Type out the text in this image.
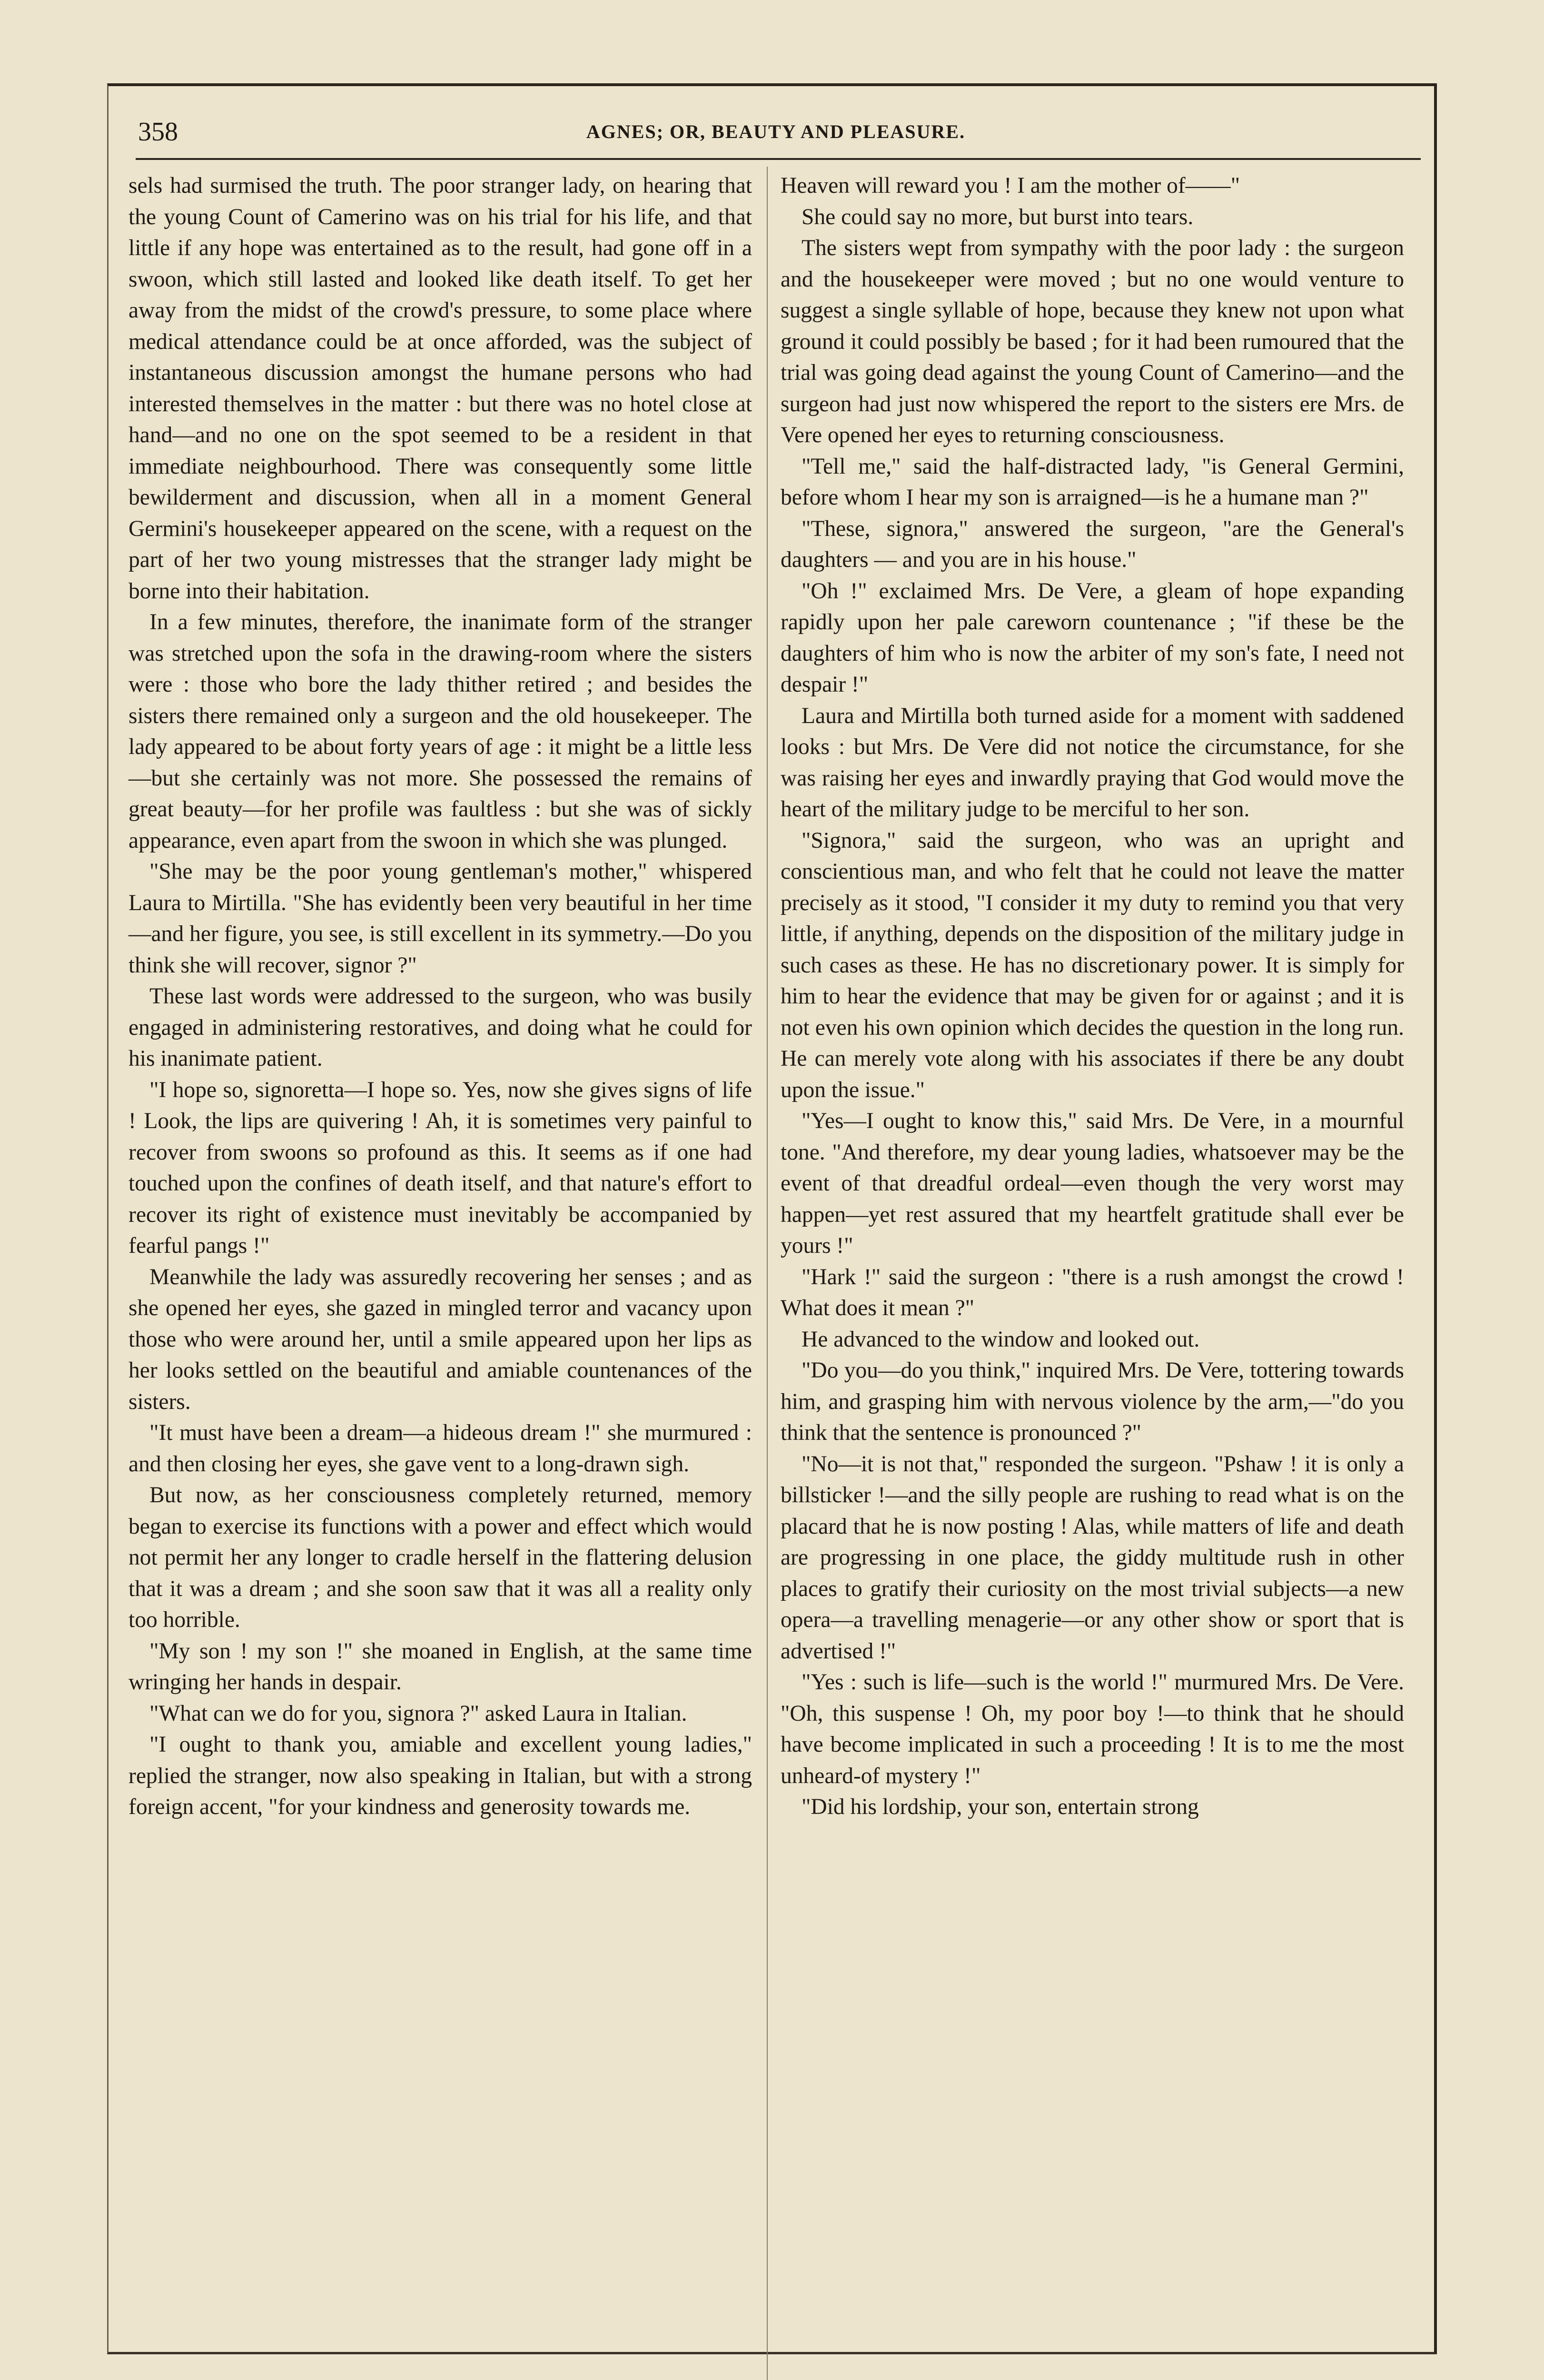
358	AGNES; OR, BEAUTY AND PLEASURE.

sels had surmised the truth. The poor stranger lady, on hearing that the young Count of Camerino was on his trial for his life, and that little if any hope was entertained as to the result, had gone off in a swoon, which still lasted and looked like death itself. To get her away from the midst of the crowd's pressure, to some place where medical attendance could be at once afforded, was the subject of instantaneous discussion amongst the humane persons who had interested themselves in the matter : but there was no hotel close at hand—and no one on the spot seemed to be a resident in that immediate neighbourhood. There was consequently some little bewilderment and discussion, when all in a moment General Germini's housekeeper appeared on the scene, with a request on the part of her two young mistresses that the stranger lady might be borne into their habitation.

In a few minutes, therefore, the inanimate form of the stranger was stretched upon the sofa in the drawing-room where the sisters were : those who bore the lady thither retired ; and besides the sisters there remained only a surgeon and the old housekeeper. The lady appeared to be about forty years of age : it might be a little less—but she certainly was not more. She possessed the remains of great beauty—for her profile was faultless : but she was of sickly appearance, even apart from the swoon in which she was plunged.

"She may be the poor young gentleman's mother," whispered Laura to Mirtilla. "She has evidently been very beautiful in her time—and her figure, you see, is still excellent in its symmetry.—Do you think she will recover, signor ?"

These last words were addressed to the surgeon, who was busily engaged in administering restoratives, and doing what he could for his inanimate patient.

"I hope so, signoretta—I hope so. Yes, now she gives signs of life ! Look, the lips are quivering ! Ah, it is sometimes very painful to recover from swoons so profound as this. It seems as if one had touched upon the confines of death itself, and that nature's effort to recover its right of existence must inevitably be accompanied by fearful pangs !"

Meanwhile the lady was assuredly recovering her senses ; and as she opened her eyes, she gazed in mingled terror and vacancy upon those who were around her, until a smile appeared upon her lips as her looks settled on the beautiful and amiable countenances of the sisters.

"It must have been a dream—a hideous dream !" she murmured : and then closing her eyes, she gave vent to a long-drawn sigh.

But now, as her consciousness completely returned, memory began to exercise its functions with a power and effect which would not permit her any longer to cradle herself in the flattering delusion that it was a dream ; and she soon saw that it was all a reality only too horrible.

"My son ! my son !" she moaned in English, at the same time wringing her hands in despair.

"What can we do for you, signora ?" asked Laura in Italian.

"I ought to thank you, amiable and excellent young ladies," replied the stranger, now also speaking in Italian, but with a strong foreign accent, "for your kindness and generosity towards me.

Heaven will reward you ! I am the mother of——"

She could say no more, but burst into tears.

The sisters wept from sympathy with the poor lady : the surgeon and the housekeeper were moved ; but no one would venture to suggest a single syllable of hope, because they knew not upon what ground it could possibly be based ; for it had been rumoured that the trial was going dead against the young Count of Camerino—and the surgeon had just now whispered the report to the sisters ere Mrs. de Vere opened her eyes to returning consciousness.

"Tell me," said the half-distracted lady, "is General Germini, before whom I hear my son is arraigned—is he a humane man ?"

"These, signora," answered the surgeon, "are the General's daughters — and you are in his house."

"Oh !" exclaimed Mrs. De Vere, a gleam of hope expanding rapidly upon her pale careworn countenance ; "if these be the daughters of him who is now the arbiter of my son's fate, I need not despair !"

Laura and Mirtilla both turned aside for a moment with saddened looks : but Mrs. De Vere did not notice the circumstance, for she was raising her eyes and inwardly praying that God would move the heart of the military judge to be merciful to her son.

"Signora," said the surgeon, who was an upright and conscientious man, and who felt that he could not leave the matter precisely as it stood, "I consider it my duty to remind you that very little, if anything, depends on the disposition of the military judge in such cases as these. He has no discretionary power. It is simply for him to hear the evidence that may be given for or against ; and it is not even his own opinion which decides the question in the long run. He can merely vote along with his associates if there be any doubt upon the issue."

"Yes—I ought to know this," said Mrs. De Vere, in a mournful tone. "And therefore, my dear young ladies, whatsoever may be the event of that dreadful ordeal—even though the very worst may happen—yet rest assured that my heartfelt gratitude shall ever be yours !"

"Hark !" said the surgeon : "there is a rush amongst the crowd ! What does it mean ?"

He advanced to the window and looked out.

"Do you—do you think," inquired Mrs. De Vere, tottering towards him, and grasping him with nervous violence by the arm,—"do you think that the sentence is pronounced ?"

"No—it is not that," responded the surgeon. "Pshaw ! it is only a billsticker !—and the silly people are rushing to read what is on the placard that he is now posting ! Alas, while matters of life and death are progressing in one place, the giddy multitude rush in other places to gratify their curiosity on the most trivial subjects—a new opera—a travelling menagerie—or any other show or sport that is advertised !"

"Yes : such is life—such is the world !" murmured Mrs. De Vere. "Oh, this suspense ! Oh, my poor boy !—to think that he should have become implicated in such a proceeding ! It is to me the most unheard-of mystery !"

"Did his lordship, your son, entertain strong
